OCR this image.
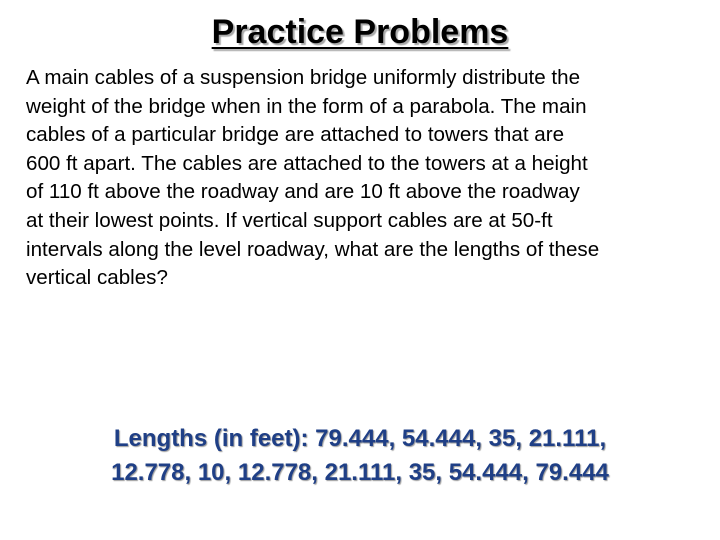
Practice Problems
A main cables of a suspension bridge uniformly distribute the
weight of the bridge when in the form of a parabola. The main
cables of a particular bridge are attached to towers that are
600 ft apart. The cables are attached to the towers at a height
of 110 ft above the roadway and are 10 ft above the roadway
at their lowest points. If vertical support cables are at 50-ft
intervals along the level roadway, what are the lengths of these
vertical cables?
Lengths (in feet): 79.444, 54.444, 35, 21.111,
12.778, 10, 12.778, 21.111, 35, 54.444, 79.444
